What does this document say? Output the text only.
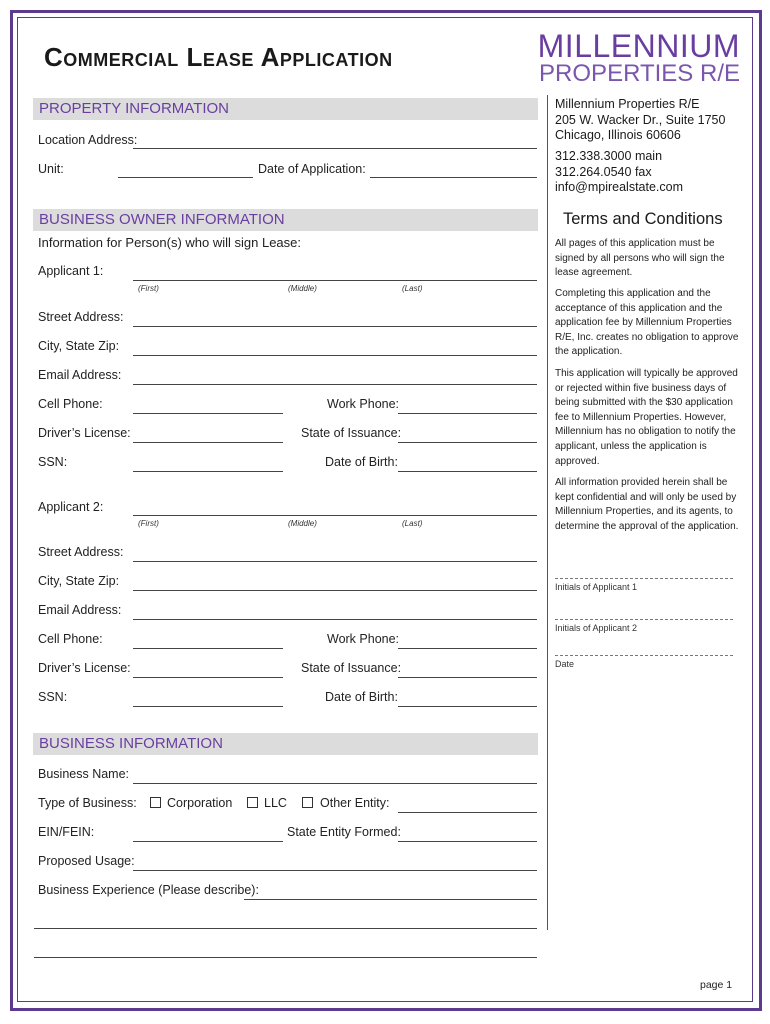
Commercial Lease Application	MILLENNIUM
PROPERTIES R/E
PROPERTY INFORMATION
Location Address:
Unit:	Date of Application:
BUSINESS OWNER INFORMATION
Information for Person(s) who will sign Lease:
Applicant 1:
(First)	(Middle)	(Last)
Street Address:
City, State Zip:
Email Address:
Cell Phone:	Work Phone:
Driver’s License:	State of Issuance:
SSN:	Date of Birth:
Applicant 2:
(First)	(Middle)	(Last)
Street Address:
City, State Zip:
Email Address:
Cell Phone:	Work Phone:
Driver’s License:	State of Issuance:
SSN:	Date of Birth:
BUSINESS INFORMATION
Business Name:
Type of Business: Corporation	LLC	Other Entity:
EIN/FEIN:	State Entity Formed:
Proposed Usage:
Business Experience (Please describe):
Millennium Properties R/E
205 W. Wacker Dr., Suite 1750
Chicago, Illinois 60606
312.338.3000 main
312.264.0540 fax
info@mpirealstate.com
Terms and Conditions
All pages of this application must be signed by all persons who will sign the lease agreement.
Completing this application and the acceptance of this application and the application fee by Millennium Properties R/E, Inc. creates no obligation to approve the application.
This application will typically be approved or rejected within five business days of being submitted with the $30 application fee to Millennium Properties. However, Millennium has no obligation to notify the applicant, unless the application is approved.
All information provided herein shall be kept confidential and will only be used by Millennium Properties, and its agents, to determine the approval of the application.
Initials of Applicant 1
Initials of Applicant 2
Date
page 1
